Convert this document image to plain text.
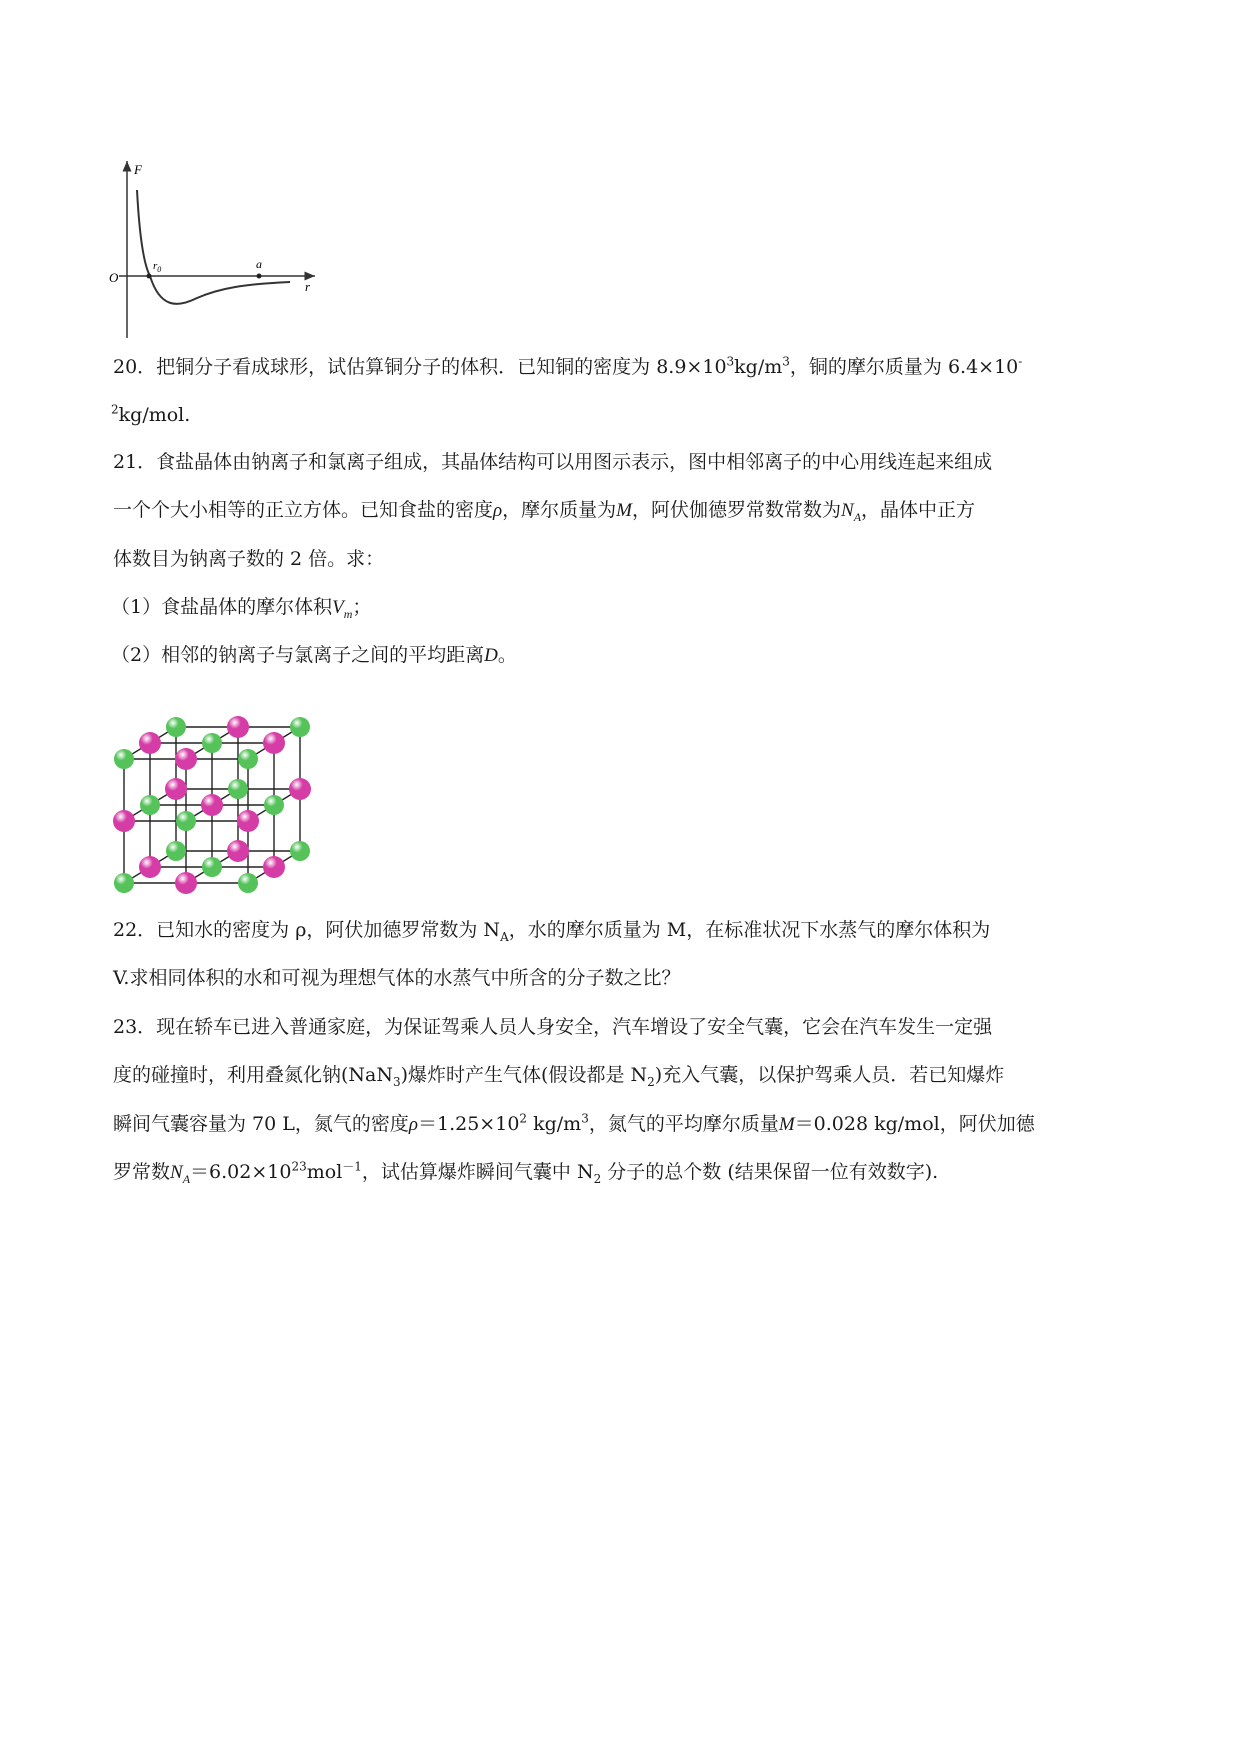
F
r
O
$r_0$	a
20．把铜分子看成球形，试估算铜分子的体积．已知铜的密度为 $8.9\times 10^3kg/m^3$，铜的摩尔质量为 6.4×10-
$^2$kg/mol.
21．食盐晶体由钠离子和氯离子组成，其晶体结构可以用图示表示，图中相邻离子的中心用线连起来组成
一个个大小相等的正立方体。已知食盐的密度ρ，摩尔质量为M，阿伏伽德罗常数常数为$N_A$，晶体中正方
体数目为钠离子数的 2 倍。求：
（1）食盐晶体的摩尔体积$V_m$；
（2）相邻的钠离子与氯离子之间的平均距离D。
22．已知水的密度为 ρ，阿伏加德罗常数为 $N_A$，水的摩尔质量为 M，在标准状况下水蒸气的摩尔体积为
V.求相同体积的水和可视为理想气体的水蒸气中所含的分子数之比？
23．现在轿车已进入普通家庭，为保证驾乘人员人身安全，汽车增设了安全气囊，它会在汽车发生一定强
度的碰撞时，利用叠氮化钠(NaN$_3$)爆炸时产生气体(假设都是 $N_2$)充入气囊，以保护驾乘人员．若已知爆炸
瞬间气囊容量为 70 L，氮气的密度$\rho=1.25\times 10^2$ $kg/m^3$，氮气的平均摩尔质量M＝0.028 kg/mol，阿伏加德
罗常数$N_A=6.02\times 10^{23}mol^{-1}$，试估算爆炸瞬间气囊中 $N_2$ 分子的总个数 (结果保留一位有效数字).
